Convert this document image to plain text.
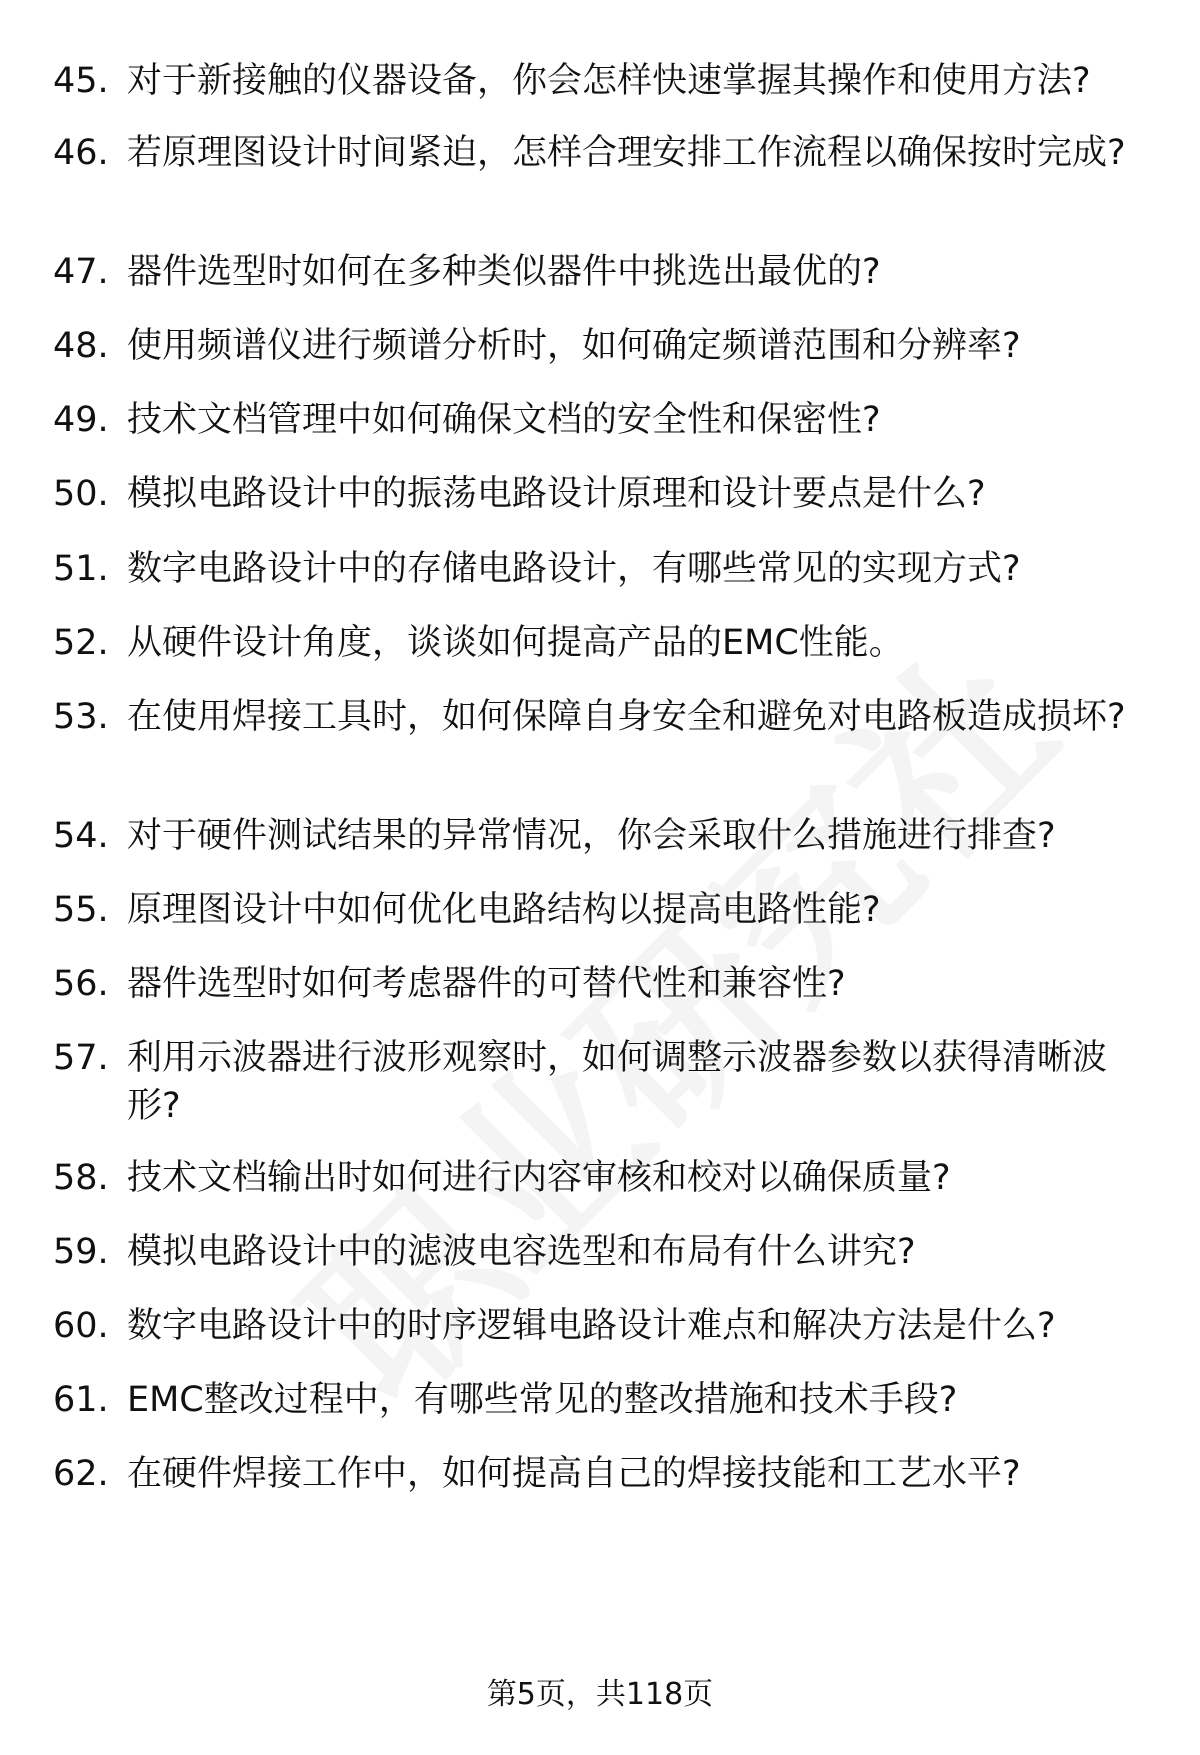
45. 对于新接触的仪器设备，你会怎样快速掌握其操作和使用方法?
46. 若原理图设计时间紧迫，怎样合理安排工作流程以确保按时完成?
47. 器件选型时如何在多种类似器件中挑选出最优的?
48. 使用频谱仪进行频谱分析时，如何确定频谱范围和分辨率?
49. 技术文档管理中如何确保文档的安全性和保密性?
50. 模拟电路设计中的振荡电路设计原理和设计要点是什么?
51. 数字电路设计中的存储电路设计，有哪些常见的实现方式?
52. 从硬件设计角度，谈谈如何提高产品的EMC性能。
53. 在使用焊接工具时，如何保障自身安全和避免对电路板造成损坏?
54. 对于硬件测试结果的异常情况，你会采取什么措施进行排查?
55. 原理图设计中如何优化电路结构以提高电路性能?
56. 器件选型时如何考虑器件的可替代性和兼容性?
57. 利用示波器进行波形观察时，如何调整示波器参数以获得清晰波形?
58. 技术文档输出时如何进行内容审核和校对以确保质量?
59. 模拟电路设计中的滤波电容选型和布局有什么讲究?
60. 数字电路设计中的时序逻辑电路设计难点和解决方法是什么?
61. EMC整改过程中，有哪些常见的整改措施和技术手段?
62. 在硬件焊接工作中，如何提高自己的焊接技能和工艺水平?
第5页，共118页
